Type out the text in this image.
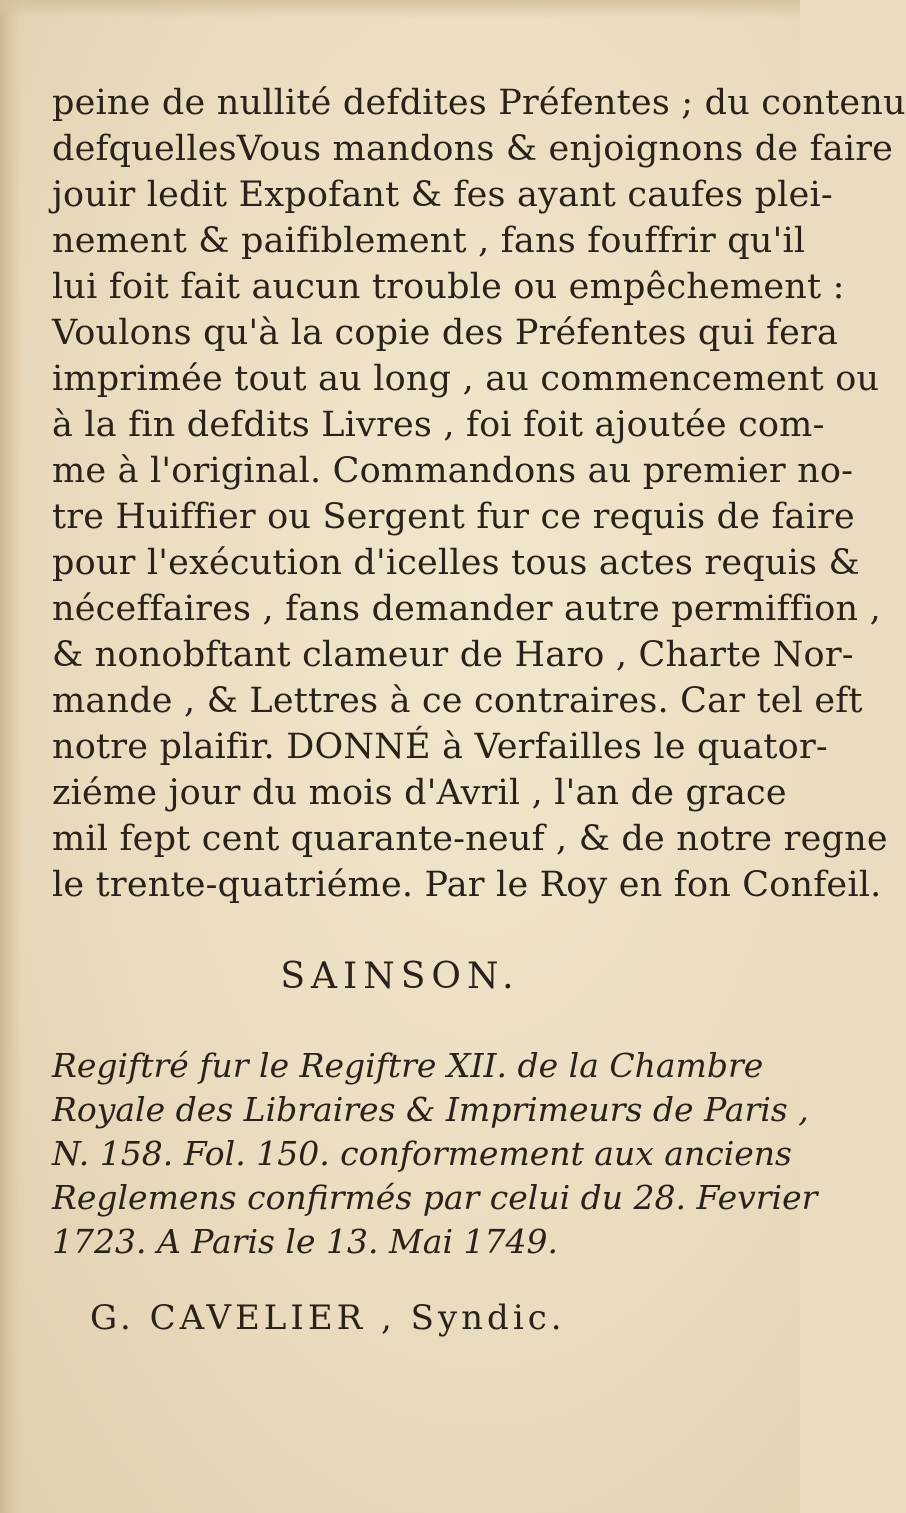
peine de nullité defdites Préfentes ; du contenu
defquellesVous mandons & enjoignons de faire
jouir ledit Expofant & fes ayant caufes plei-
nement & paifiblement , fans fouffrir qu'il
lui foit fait aucun trouble ou empêchement :
Voulons qu'à la copie des Préfentes qui fera
imprimée tout au long , au commencement ou
à la fin defdits Livres , foi foit ajoutée com-
me à l'original. Commandons au premier no-
tre Huiffier ou Sergent fur ce requis de faire
pour l'exécution d'icelles tous actes requis &
néceffaires , fans demander autre permiffion ,
& nonobftant clameur de Haro , Charte Nor-
mande , & Lettres à ce contraires. Car tel eft
notre plaifir. DONNÉ à Verfailles le quator-
ziéme jour du mois d'Avril , l'an de grace
mil fept cent quarante-neuf , & de notre regne
le trente-quatriéme. Par le Roy en fon Confeil.
SAINSON.
Regiftré fur le Regiftre XII. de la Chambre
Royale des Libraires & Imprimeurs de Paris ,
N. 158. Fol. 150. conformement aux anciens
Reglemens confirmés par celui du 28. Fevrier
1723. A Paris le 13. Mai 1749.
G. CAVELIER , Syndic.
